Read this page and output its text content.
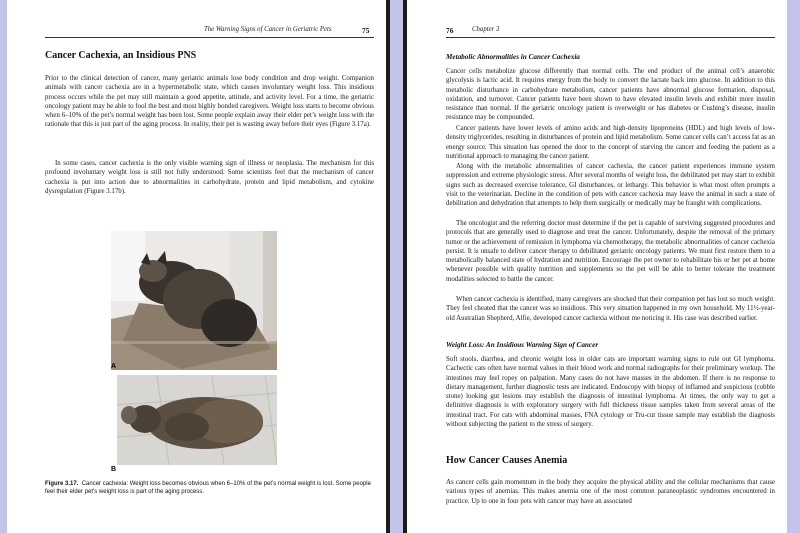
The Warning Signs of Cancer in Geriatric Pets	75
Cancer Cachexia, an Insidious PNS

Prior to the clinical detection of cancer, many geriatric animals lose body condition and drop weight. Companion animals with cancer cachexia are in a hypermetabolic state, which causes involuntary weight loss. This insidious process occurs while the pet may still maintain a good appetite, attitude, and activity level. For a time, the geriatric oncology patient may be able to fool the best and most highly bonded caregivers. Weight loss starts to become obvious when 6–10% of the pet’s normal weight has been lost. Some people explain away their elder pet’s weight loss with the rationale that this is just part of the aging process. In reality, their pet is wasting away before their eyes (Figure 3.17a).

In some cases, cancer cachexia is the only visible warning sign of illness or neoplasia. The mechanism for this profound involuntary weight loss is still not fully understood. Some scientists feel that the mechanism of cancer cachexia is put into action due to abnormalities in carbohydrate, protein and lipid metabolism, and cytokine dysregulation (Figure 3.17b).

A
B

Figure 3.17. Cancer cachexia: Weight loss becomes obvious when 6–10% of the pet’s normal weight is lost. Some people feel their elder pet’s weight loss is part of the aging process.

76	Chapter 3
Metabolic Abnormalities in Cancer Cachexia

Cancer cells metabolize glucose differently than normal cells. The end product of the animal cell’s anaerobic glycolysis is lactic acid. It requires energy from the body to convert the lactate back into glucose. In addition to this metabolic disturbance in carbohydrate metabolism, cancer patients have abnormal glucose formation, disposal, oxidation, and turnover. Cancer patients have been shown to have elevated insulin levels and exhibit more insulin resistance than normal. If the geriatric oncology patient is overweight or has diabetes or Cushing’s disease, insulin resistance may be compounded.

Cancer patients have lower levels of amino acids and high-density lipoproteins (HDL) and high levels of low-density triglycerides, resulting in disturbances of protein and lipid metabolism. Some cancer cells can’t access fat as an energy source. This situation has opened the door to the concept of starving the cancer and feeding the patient as a nutritional approach to managing the cancer patient.

Along with the metabolic abnormalities of cancer cachexia, the cancer patient experiences immune system suppression and extreme physiologic stress. After several months of weight loss, the debilitated pet may start to exhibit signs such as decreased exercise tolerance, GI disturbances, or lethargy. This behavior is what most often prompts a visit to the veterinarian. Decline in the condition of pets with cancer cachexia may leave the animal in such a state of debilitation and dehydration that attempts to help them surgically or medically may be fraught with complications.

The oncologist and the referring doctor must determine if the pet is capable of surviving suggested procedures and protocols that are generally used to diagnose and treat the cancer. Unfortunately, despite the removal of the primary tumor or the achievement of remission in lymphoma via chemotherapy, the metabolic abnormalities of cancer cachexia persist. It is unsafe to deliver cancer therapy to debilitated geriatric oncology patients. We must first restore them to a metabolically balanced state of hydration and nutrition. Encourage the pet owner to rehabilitate his or her pet at home whenever possible with quality nutrition and supplements so the pet will be able to better tolerate the treatment modalities selected to battle the cancer.

When cancer cachexia is identified, many caregivers are shocked that their companion pet has lost so much weight. They feel cheated that the cancer was so insidious. This very situation happened in my own household. My 11½-year-old Australian Shepherd, Alfie, developed cancer cachexia without me noticing it. His case was described earlier.

Weight Loss: An Insidious Warning Sign of Cancer

Soft stools, diarrhea, and chronic weight loss in older cats are important warning signs to rule out GI lymphoma. Cachectic cats often have normal values in their blood work and normal radiographs for their preliminary workup. The intestines may feel ropey on palpation. Many cases do not have masses in the abdomen. If there is no response to dietary management, further diagnostic tests are indicated. Endoscopy with biopsy of inflamed and suspicious (cobble stone) looking gut lesions may establish the diagnosis of intestinal lymphoma. At times, the only way to get a definitive diagnosis is with exploratory surgery with full thickness tissue samples taken from several areas of the intestinal tract. For cats with abdominal masses, FNA cytology or Tru-cut tissue sample may establish the diagnosis without subjecting the patient to the stress of surgery.

How Cancer Causes Anemia

As cancer cells gain momentum in the body they acquire the physical ability and the cellular mechanisms that cause various types of anemias. This makes anemia one of the most common paraneoplastic syndromes encountered in practice. Up to one in four pets with cancer may have an associated
